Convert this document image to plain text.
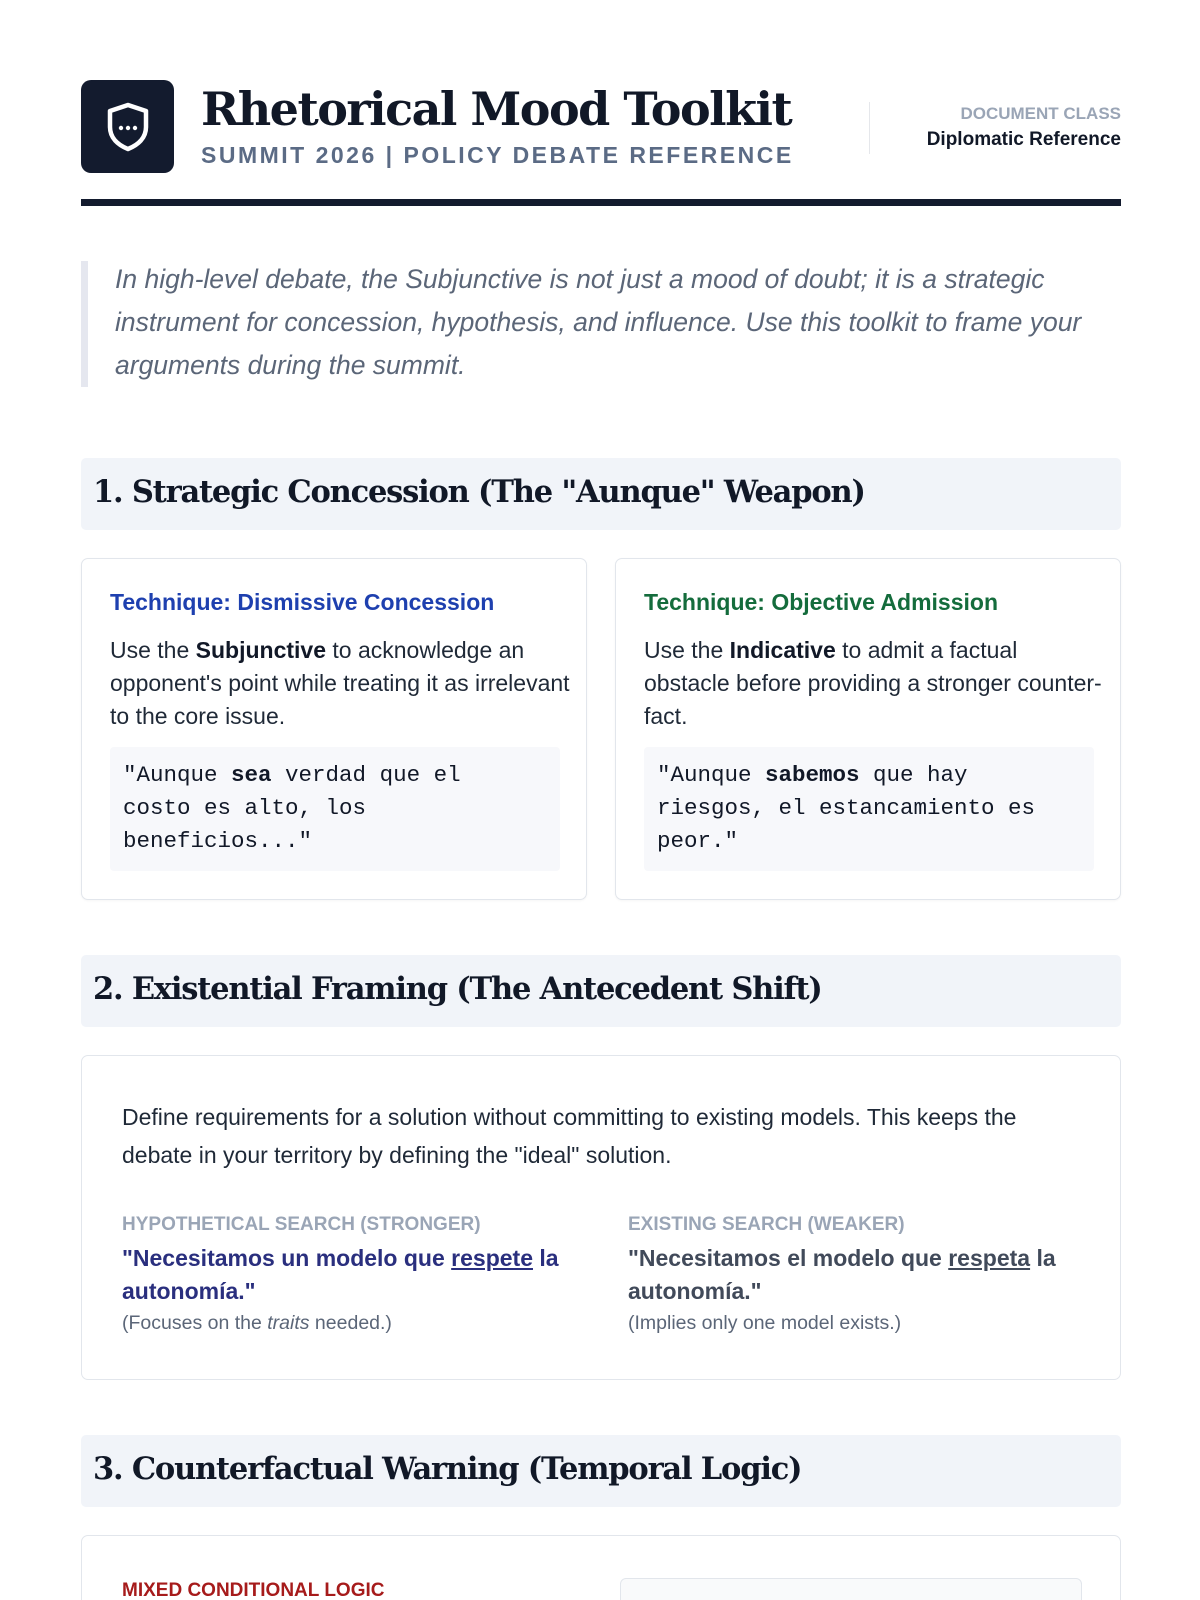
Rhetorical Mood Toolkit
SUMMIT 2026 | POLICY DEBATE REFERENCE
DOCUMENT CLASS
Diplomatic Reference

In high-level debate, the Subjunctive is not just a mood of doubt; it is a strategic instrument for concession, hypothesis, and influence. Use this toolkit to frame your arguments during the summit.

1. Strategic Concession (The "Aunque" Weapon)
Technique: Dismissive Concession
Use the Subjunctive to acknowledge an opponent's point while treating it as irrelevant to the core issue.
"Aunque sea verdad que el
costo es alto, los
beneficios..."
Technique: Objective Admission
Use the Indicative to admit a factual obstacle before providing a stronger counter-fact.
"Aunque sabemos que hay
riesgos, el estancamiento es
peor."
2. Existential Framing (The Antecedent Shift)
Define requirements for a solution without committing to existing models. This keeps the debate in your territory by defining the "ideal" solution.
HYPOTHETICAL SEARCH (STRONGER)
"Necesitamos un modelo que respete la autonomía."
(Focuses on the traits needed.)
EXISTING SEARCH (WEAKER)
"Necesitamos el modelo que respeta la autonomía."
(Implies only one model exists.)
3. Counterfactual Warning (Temporal Logic)
MIXED CONDITIONAL LOGIC
